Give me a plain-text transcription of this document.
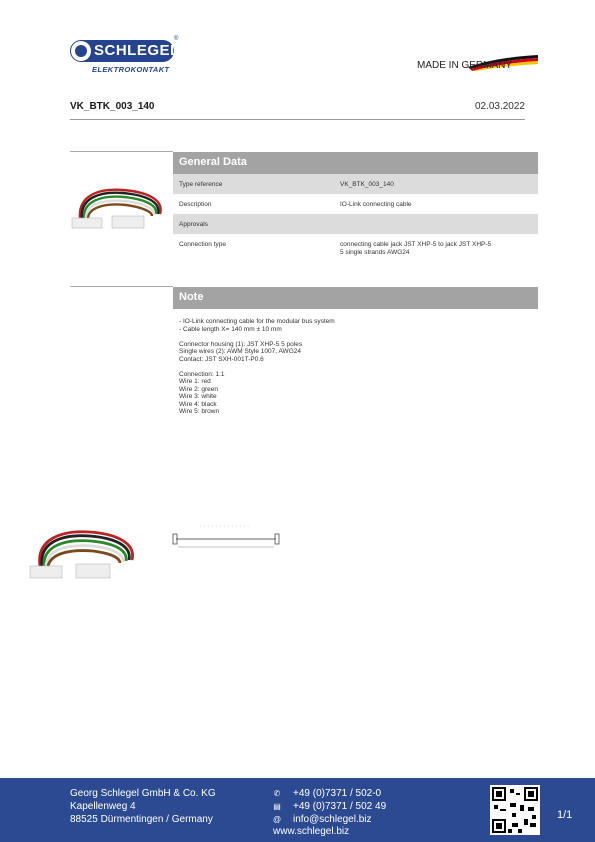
SCHLEGEL
®
ELEKTROKONTAKT	MADE IN GERMANY
VK_BTK_003_140	02.03.2022
General Data
Type reference	VK_BTK_003_140
Description	IO-Link connecting cable
Approvals
Connection type	connecting cable jack JST XHP-5 to jack JST XHP-5
5 single strands AWG24
Note
- IO-Link connecting cable for the modular bus system
- Cable length X= 140 mm ± 10 mm
Connector housing (1): JST XHP-5 5 poles
Single wires (2): AWM Style 1007, AWG24
Contact: JST SXH-001T-P0.6
Connection: 1:1
Wire 1: red
Wire 2: green
Wire 3: white
Wire 4: black
Wire 5: brown
Georg Schlegel GmbH & Co. KG
Kapellenweg 4
88525 Dürmentingen / Germany
✆ +49 (0)7371 / 502-0
▤ +49 (0)7371 / 502 49
@ info@schlegel.biz
www.schlegel.biz
1/1
